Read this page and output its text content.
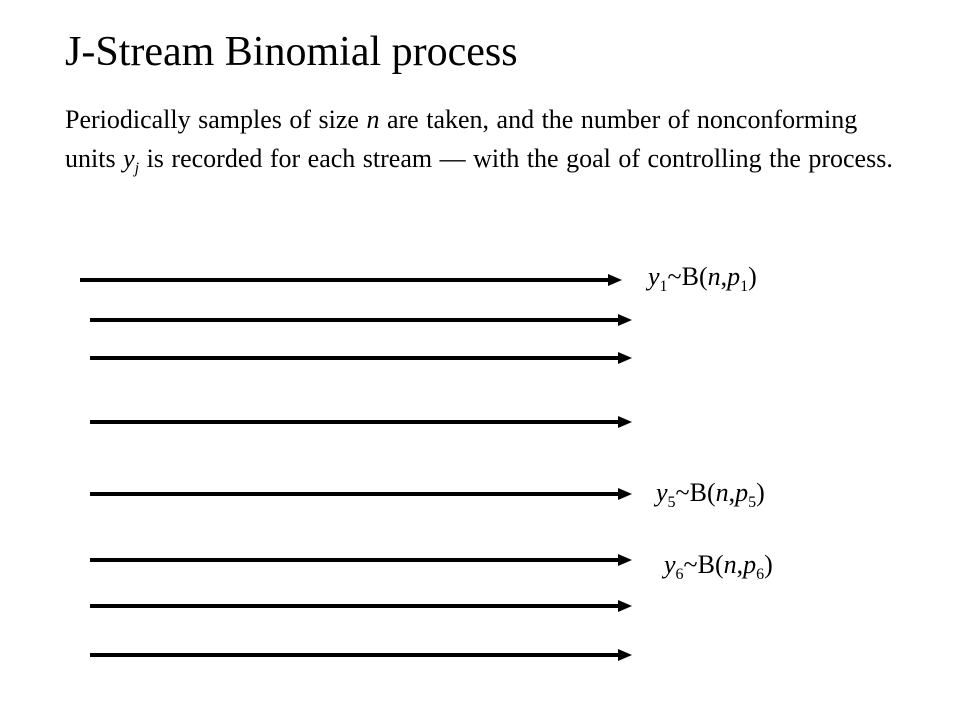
J-Stream Binomial process

Periodically samples of size n are taken, and the number of nonconforming units $y_j$ is recorded for each stream — with the goal of controlling the process.

$y_1\sim B(n,p_1)$
$y_5\sim B(n,p_5)$
$y_6\sim B(n,p_6)$
